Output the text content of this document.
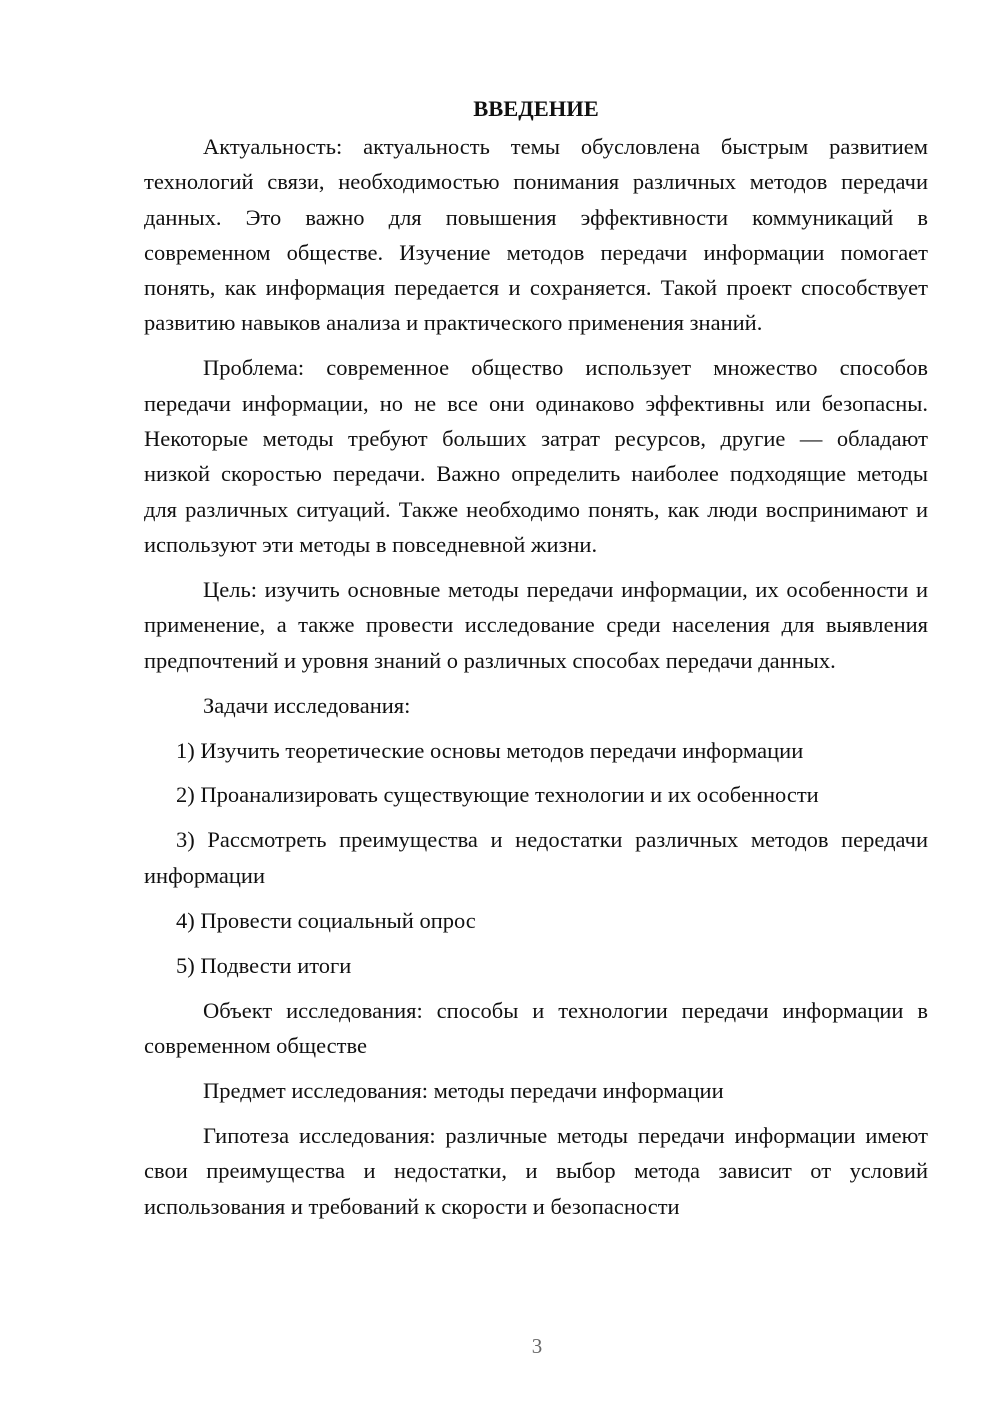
ВВЕДЕНИЕ

Актуальность: актуальность темы обусловлена быстрым развитием технологий связи, необходимостью понимания различных методов передачи данных. Это важно для повышения эффективности коммуникаций в современном обществе. Изучение методов передачи информации помогает понять, как информация передается и сохраняется. Такой проект способствует развитию навыков анализа и практического применения знаний.

Проблема: современное общество использует множество способов передачи информации, но не все они одинаково эффективны или безопасны. Некоторые методы требуют больших затрат ресурсов, другие — обладают низкой скоростью передачи. Важно определить наиболее подходящие методы для различных ситуаций. Также необходимо понять, как люди воспринимают и используют эти методы в повседневной жизни.

Цель: изучить основные методы передачи информации, их особенности и применение, а также провести исследование среди населения для выявления предпочтений и уровня знаний о различных способах передачи данных.

Задачи исследования:

1) Изучить теоретические основы методов передачи информации

2) Проанализировать существующие технологии и их особенности

3) Рассмотреть преимущества и недостатки различных методов передачи информации

4) Провести социальный опрос

5) Подвести итоги

Объект исследования: способы и технологии передачи информации в современном обществе

Предмет исследования: методы передачи информации

Гипотеза исследования: различные методы передачи информации имеют свои преимущества и недостатки, и выбор метода зависит от условий использования и требований к скорости и безопасности

3
